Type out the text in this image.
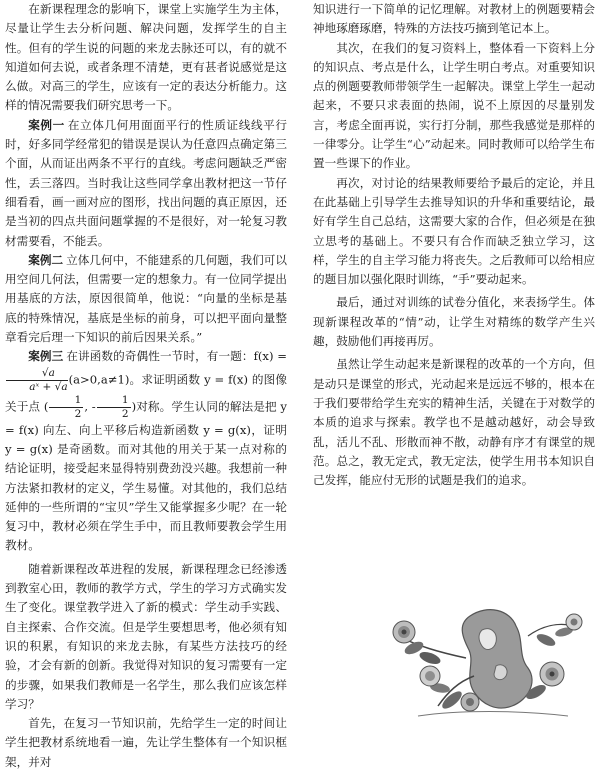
在新课程理念的影响下，课堂上实施学生为主体，尽量让学生去分析问题、解决问题，发挥学生的自主性。但有的学生说的问题的来龙去脉还可以，有的就不知道如何去说，或者条理不清楚，更有甚者说感觉是这么做。对高三的学生，应该有一定的表达分析能力。这样的情况需要我们研究思考一下。

案例一 在立体几何用面面平行的性质证线线平行时，好多同学经常犯的错误是误认为任意四点确定第三个面，从而证出两条不平行的直线。考虑问题缺乏严密性，丢三落四。当时我让这些同学拿出教材把这一节仔细看看，画一画对应的图形，找出问题的真正原因，还是当初的四点共面问题掌握的不是很好，对一轮复习教材需要看，不能丢。

案例二 立体几何中，不能建系的几何题，我们可以用空间几何法，但需要一定的想象力。有一位同学提出用基底的方法，原因很简单，他说：“向量的坐标是基底的特殊情况，基底是坐标的前身，可以把平面向量整章看完后理一下知识的前后因果关系。”

案例三 在讲函数的奇偶性一节时，有一题：f(x) =
$\frac{√a}{\text{aˣ + √a}} (a>0,a\ne 1)$。求证明函数 y = f(x) 的图像关于点 ( $\frac{1}{2}$ , - $\frac{1}{2}$ )对称。学生认同的解法是把 y = f(x) 向左、向上平移后构造新函数 y = g(x)，证明 y = g(x) 是奇函数。而对其他的用关于某一点对称的结论证明，接受起来显得特别费劲没兴趣。我想前一种方法紧扣教材的定义，学生易懂。对其他的，我们总结延伸的一些所谓的“宝贝”学生又能掌握多少呢？在一轮复习中，教材必须在学生手中，而且教师要教会学生用教材。

随着新课程改革进程的发展，新课程理念已经渗透到教室心田，教师的教学方式，学生的学习方式确实发生了变化。课堂教学进入了新的模式：学生动手实践、自主探索、合作交流。但是学生要想思考，他必须有知识的积累，有知识的来龙去脉，有某些方法技巧的经验，才会有新的创新。我觉得对知识的复习需要有一定的步骤，如果我们教师是一名学生，那么我们应该怎样学习？

首先，在复习一节知识前，先给学生一定的时间让学生把教材系统地看一遍，先让学生整体有一个知识框架，并对

知识进行一下简单的记忆理解。对教材上的例题要精会神地琢磨琢磨，特殊的方法技巧摘到笔记本上。

其次，在我们的复习资料上，整体看一下资料上分的知识点、考点是什么，让学生明白考点。对重要知识点的例题要教师带领学生一起解决。课堂上学生一起动起来，不要只求表面的热闹，说不上原因的尽量别发言，考虑全面再说，实行打分制，那些我感觉是那样的一律零分。让学生“心”动起来。同时教师可以给学生布置一些课下的作业。

再次，对讨论的结果教师要给予最后的定论，并且在此基础上引导学生去推导知识的升华和重要结论，最好有学生自己总结，这需要大家的合作，但必须是在独立思考的基础上。不要只有合作而缺乏独立学习，这样，学生的自主学习能力将丧失。之后教师可以给相应的题目加以强化限时训练，“手”要动起来。

最后，通过对训练的试卷分值化，来表扬学生。体现新课程改革的“情”动，让学生对精练的数学产生兴趣，鼓励他们再接再厉。

虽然让学生动起来是新课程的改革的一个方向，但是动只是课堂的形式，光动起来是远远不够的，根本在于我们要带给学生充实的精神生活，关键在于对数学的本质的追求与探索。教学也不是越动越好，动会导致乱，活儿不乱、形散而神不散，动静有序才有课堂的规范。总之，教无定式，教无定法，使学生用书本知识自己发挥，能应付无形的试题是我们的追求。
